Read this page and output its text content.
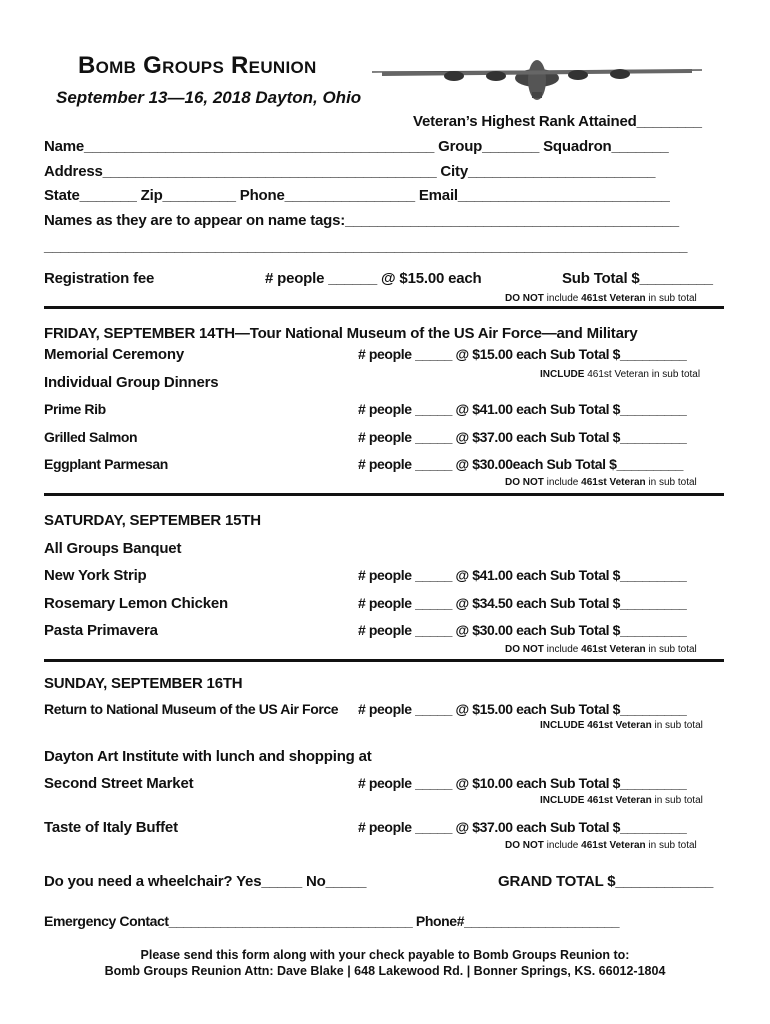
Bomb Groups Reunion
September 13—16, 2018 Dayton, Ohio
Veteran’s Highest Rank Attained________
Name___________________________________________ Group_______ Squadron_______
Address_________________________________________ City_______________________
State_______ Zip_________ Phone________________ Email__________________________
Names as they are to appear on name tags:_________________________________________
_______________________________________________________________________________
Registration fee	# people ______ @ $15.00 each	Sub Total $_________
DO NOT include 461st Veteran in sub total
FRIDAY, SEPTEMBER 14TH—Tour National Museum of the US Air Force—and Military
Memorial Ceremony	# people _____ @ $15.00 each Sub Total $_________
INCLUDE 461st Veteran in sub total
Individual Group Dinners
Prime Rib	# people _____ @ $41.00 each Sub Total $_________
Grilled Salmon	# people _____ @ $37.00 each Sub Total $_________
Eggplant Parmesan	# people _____ @ $30.00each Sub Total $_________
DO NOT include 461st Veteran in sub total
SATURDAY, SEPTEMBER 15TH
All Groups Banquet
New York Strip	# people _____ @ $41.00 each Sub Total $_________
Rosemary Lemon Chicken	# people _____ @ $34.50 each Sub Total $_________
Pasta Primavera	# people _____ @ $30.00 each Sub Total $_________
DO NOT include 461st Veteran in sub total
SUNDAY, SEPTEMBER 16TH
Return to National Museum of the US Air Force # people _____ @ $15.00 each Sub Total $_________
INCLUDE 461st Veteran in sub total
Dayton Art Institute with lunch and shopping at
Second Street Market	# people _____ @ $10.00 each Sub Total $_________
INCLUDE 461st Veteran in sub total
Taste of Italy Buffet	# people _____ @ $37.00 each Sub Total $_________
DO NOT include 461st Veteran in sub total
Do you need a wheelchair? Yes_____ No_____	GRAND TOTAL $____________
Emergency Contact_________________________________ Phone#_____________________
Please send this form along with your check payable to Bomb Groups Reunion to:
Bomb Groups Reunion Attn: Dave Blake | 648 Lakewood Rd. | Bonner Springs, KS. 66012-1804
